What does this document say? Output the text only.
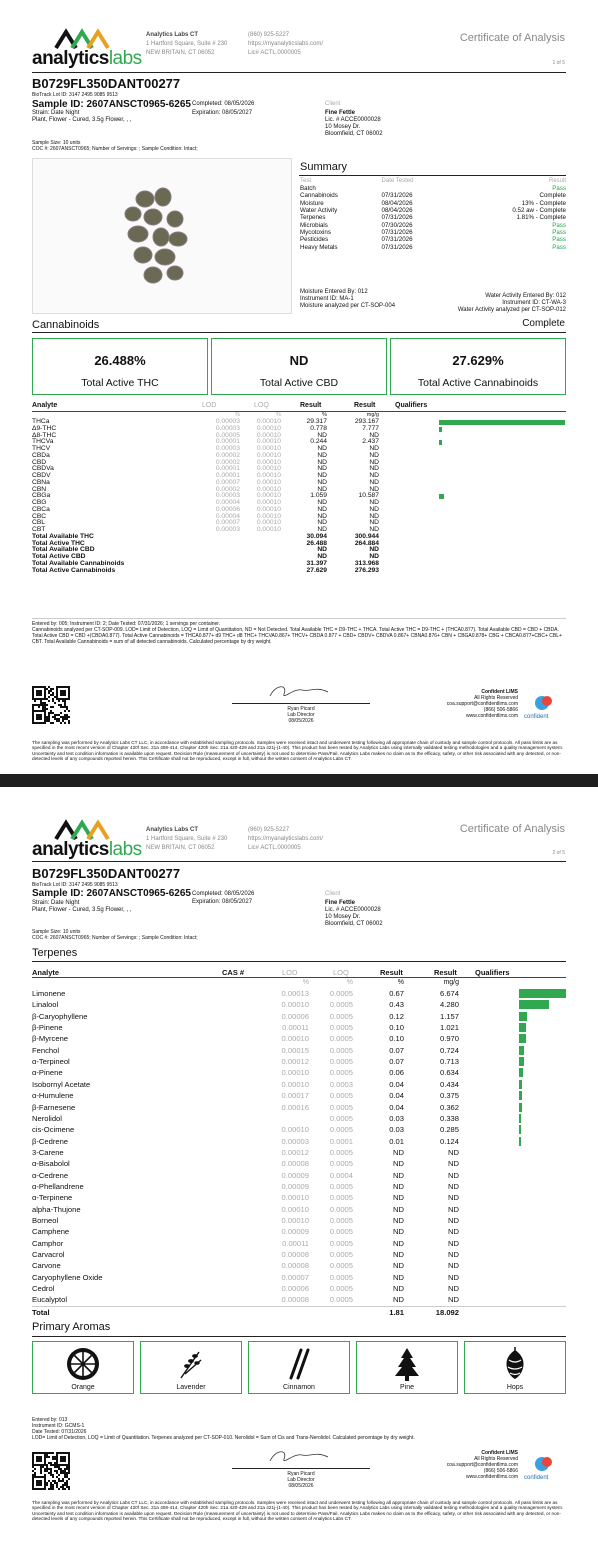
analyticslabs
Analytics Labs CT
1 Hartford Square, Suite # 230
NEW BRITAIN, CT 06052
(860) 925-5227
https://myanalyticslabs.com/
Lic# ACTL.0000005
Certificate of Analysis
1 of 5
B0729FL350DANT00277
BioTrack Lot ID: 3147 2495 9085 9513
Sample ID: 2607ANSCT0965-6265
Strain: Date Night
Plant, Flower - Cured, 3.5g Flower, , ,
Completed: 08/05/2026
Expiration: 08/05/2027
Client
Fine Fettle
Lic. # ACCE0000028
10 Mosey Dr.
Bloomfield, CT 06002
Sample Size: 10 units
COC #: 2607ANSCT0965; Number of Servings: ; Sample Condition: Intact;
Summary
Test	Date Tested	Result
Batch		Pass
Cannabinoids	07/31/2026	Complete
Moisture	08/04/2026	13% - Complete
Water Activity	08/04/2026	0.52 aw - Complete
Terpenes	07/31/2026	1.81% - Complete
Microbials	07/30/2026	Pass
Mycotoxins	07/31/2026	Pass
Pesticides	07/31/2026	Pass
Heavy Metals	07/31/2026	Pass
Moisture Entered By: 012
Instrument ID: MA-1
Moisture analyzed per CT-SOP-004
Water Activity Entered By: 012
Instrument ID: CT-WA-3
Water Activity analyzed per CT-SOP-012
Cannabinoids	Complete
26.488%
Total Active THC
ND
Total Active CBD
27.629%
Total Active Cannabinoids
Analyte	LOD	LOQ	Result	Result	Qualifiers
%	%	%	mg/g
THCa	0.00003	0.00010	29.317	293.167
Δ9-THC	0.00003	0.00010	0.778	7.777
Δ8-THC	0.00005	0.00010	ND	ND
THCVa	0.00001	0.00010	0.244	2.437
THCV	0.00003	0.00010	ND	ND
CBDa	0.00002	0.00010	ND	ND
CBD	0.00002	0.00010	ND	ND
CBDVa	0.00001	0.00010	ND	ND
CBDV	0.00001	0.00010	ND	ND
CBNa	0.00007	0.00010	ND	ND
CBN	0.00002	0.00010	ND	ND
CBGa	0.00003	0.00010	1.059	10.587
CBG	0.00004	0.00010	ND	ND
CBCa	0.00006	0.00010	ND	ND
CBC	0.00004	0.00010	ND	ND
CBL	0.00007	0.00010	ND	ND
CBT	0.00003	0.00010	ND	ND
Total Available THC	30.094	300.944
Total Active THC	26.488	264.884
Total Available CBD	ND	ND
Total Active CBD	ND	ND
Total Available Cannabinoids	31.397	313.968
Total Active Cannabinoids	27.629	276.293
Entered by: 005; Instrument ID: 2; Date Tested: 07/31/2026; 1 servings per container.
Cannabinoids analyzed per CT-SOP-009. LOD= Limit of Detection, LOQ = Limit of Quantitation, ND = Not Detected. Total Available THC = D9-THC + THCA. Total Active THC = D9-THC + (THCA0.877). Total Available CBD = CBD + CBDA. Total Active CBD = CBD +(CBDA0.877). Total Active Cannabinoids = THCA0.877+ d9 THC+ d8 THC+ THCVA0.867+ THCV+ CBDA 0.877 + CBD+ CBDV+ CBDVA 0.867+ CBNA0.876+ CBN + CBGA0.878+ CBG + CBCA0.877+CBC+ CBL+ CBT. Total Available Cannabinoids = sum of all detected cannabinoids. Calculated percentage by dry weight.
Ryan Picard
Lab Director
08/05/2026
Confident LIMS
All Rights Reserved
coa.support@confidentlims.com
(866) 506-5866
www.confidentlims.com confident
The sampling was performed by Analytics Labs CT LLC, in accordance with established sampling protocols. Samples were received intact and underwent testing following all appropriate chain of custody and sample control protocols. All pass limits are as specified in the most recent version of Chapter 420f Sec. 21a 408-414, Chapter 420h Sec. 21a 420-429 and 21a 421j-(1-40). This product has been tested by Analytics Labs using internally validated testing methodologies and a quality management system. Uncertainty and test condition information is available upon request. Decision Rule (measurement of uncertainty) is not used to determine Pass/Fail. Analytics Labs makes no claim as to the efficacy, safety, or other risk associated with any detected, or non-detected levels of any compounds reported herein. This Certificate shall not be reproduced, except in full, without the written consent of Analytics Labs CT.
analyticslabs
Analytics Labs CT
1 Hartford Square, Suite # 230
NEW BRITAIN, CT 06052
(860) 925-5227
https://myanalyticslabs.com/
Lic# ACTL.0000005
Certificate of Analysis
2 of 5
B0729FL350DANT00277
BioTrack Lot ID: 3147 2495 9085 9513
Sample ID: 2607ANSCT0965-6265
Strain: Date Night
Plant, Flower - Cured, 3.5g Flower, , ,
Completed: 08/05/2026
Expiration: 08/05/2027
Client
Fine Fettle
Lic. # ACCE0000028
10 Mosey Dr.
Bloomfield, CT 06002
Sample Size: 10 units
COC #: 2607ANSCT0965; Number of Servings: ; Sample Condition: Intact;
Terpenes
Analyte	CAS #	LOD	LOQ	Result	Result Qualifiers
%	%	%	mg/g
Limonene	0.00013	0.0005	0.67	6.674
Linalool	0.00010	0.0005	0.43	4.280
β-Caryophyllene	0.00006	0.0005	0.12	1.157
β-Pinene	0.00011	0.0005	0.10	1.021
β-Myrcene	0.00010	0.0005	0.10	0.970
Fenchol	0.00015	0.0005	0.07	0.724
α-Terpineol	0.00012	0.0005	0.07	0.713
α-Pinene	0.00010	0.0005	0.06	0.634
Isobornyl Acetate	0.00010	0.0003	0.04	0.434
α-Humulene	0.00017	0.0005	0.04	0.375
β-Farnesene	0.00016	0.0005	0.04	0.362
Nerolidol	0.0005	0.03	0.338
cis-Ocimene	0.00010	0.0005	0.03	0.285
β-Cedrene	0.00003	0.0001	0.01	0.124
3-Carene	0.00012	0.0005	ND	ND
α-Bisabolol	0.00008	0.0005	ND	ND
α-Cedrene	0.00009	0.0004	ND	ND
α-Phellandrene	0.00009	0.0005	ND	ND
α-Terpinene	0.00010	0.0005	ND	ND
alpha-Thujone	0.00010	0.0005	ND	ND
Borneol	0.00010	0.0005	ND	ND
Camphene	0.00009	0.0005	ND	ND
Camphor	0.00011	0.0005	ND	ND
Carvacrol	0.00008	0.0005	ND	ND
Carvone	0.00008	0.0005	ND	ND
Caryophyllene Oxide	0.00007	0.0005	ND	ND
Cedrol	0.00006	0.0005	ND	ND
Eucalyptol	0.00008	0.0005	ND	ND
Total	1.81	18.092
Primary Aromas
Orange	Lavender	Cinnamon	Pine	Hops
Entered by: 013
Instrument ID: GCMS-1
Date Tested: 07/31/2026
LOD= Limit of Detection, LOQ = Limit of Quantitation. Terpenes analyzed per CT-SOP-010. Nerolidol = Sum of Cis and Trans-Nerolidol. Calculated percentage by dry weight.
Ryan Picard
Lab Director
08/05/2026
Confident LIMS
All Rights Reserved
coa.support@confidentlims.com
(866) 506-5866
www.confidentlims.com confident
The sampling was performed by Analytics Labs CT LLC, in accordance with established sampling protocols. Samples were received intact and underwent testing following all appropriate chain of custody and sample control protocols. All pass limits are as specified in the most recent version of Chapter 420f Sec. 21a 408-414, Chapter 420h Sec. 21a 420-429 and 21a 421j-(1-40). This product has been tested by Analytics Labs using internally validated testing methodologies and a quality management system. Uncertainty and test condition information is available upon request. Decision Rule (measurement of uncertainty) is not used to determine Pass/Fail. Analytics Labs makes no claim as to the efficacy, safety, or other risk associated with any detected, or non-detected levels of any compounds reported herein. This Certificate shall not be reproduced, except in full, without the written consent of Analytics Labs CT.
